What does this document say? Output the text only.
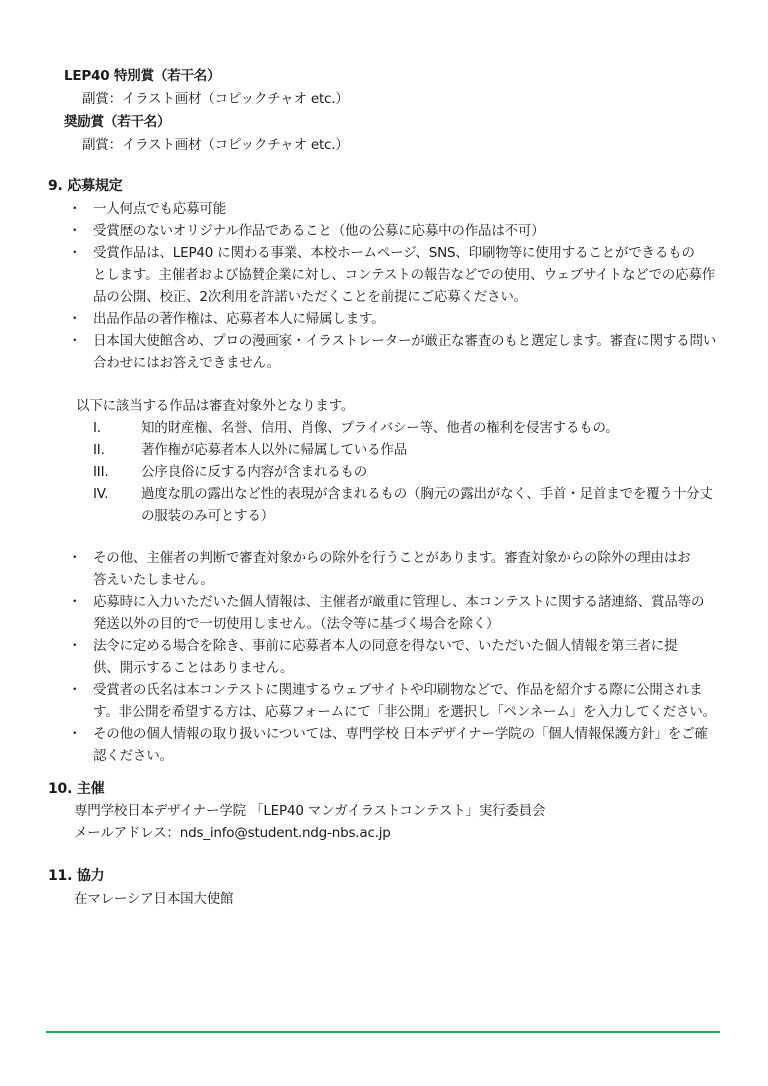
LEP40 特別賞（若干名）
副賞：イラスト画材（コピックチャオ etc.）
奨励賞（若干名）
副賞：イラスト画材（コピックチャオ etc.）
9. 応募規定
・ 一人何点でも応募可能
・ 受賞歴のないオリジナル作品であること（他の公募に応募中の作品は不可）
・ 受賞作品は、LEP40 に関わる事業、本校ホームページ、SNS、印刷物等に使用することができるもの
とします。主催者および協賛企業に対し、コンテストの報告などでの使用、ウェブサイトなどでの応募作
品の公開、校正、2次利用を許諾いただくことを前提にご応募ください。
・ 出品作品の著作権は、応募者本人に帰属します。
・ 日本国大使館含め、プロの漫画家・イラストレーターが厳正な審査のもと選定します。審査に関する問い
合わせにはお答えできません。
以下に該当する作品は審査対象外となります。
I.	知的財産権、名誉、信用、肖像、プライバシー等、他者の権利を侵害するもの。
II.	著作権が応募者本人以外に帰属している作品
III. 公序良俗に反する内容が含まれるもの
IV. 過度な肌の露出など性的表現が含まれるもの（胸元の露出がなく、手首・足首までを覆う十分丈
の服装のみ可とする）
・ その他、主催者の判断で審査対象からの除外を行うことがあります。審査対象からの除外の理由はお
答えいたしません。
・ 応募時に入力いただいた個人情報は、主催者が厳重に管理し、本コンテストに関する諸連絡、賞品等の
発送以外の目的で一切使用しません。（法令等に基づく場合を除く）
・ 法令に定める場合を除き、事前に応募者本人の同意を得ないで、いただいた個人情報を第三者に提
供、開示することはありません。
・ 受賞者の氏名は本コンテストに関連するウェブサイトや印刷物などで、作品を紹介する際に公開されま
す。非公開を希望する方は、応募フォームにて「非公開」を選択し「ペンネーム」を入力してください。
・ その他の個人情報の取り扱いについては、専門学校 日本デザイナー学院の「個人情報保護方針」をご確
認ください。
10. 主催
専門学校日本デザイナー学院 「LEP40 マンガイラストコンテスト」実行委員会
メールアドレス：nds_info@student.ndg-nbs.ac.jp
11. 協力
在マレーシア日本国大使館
